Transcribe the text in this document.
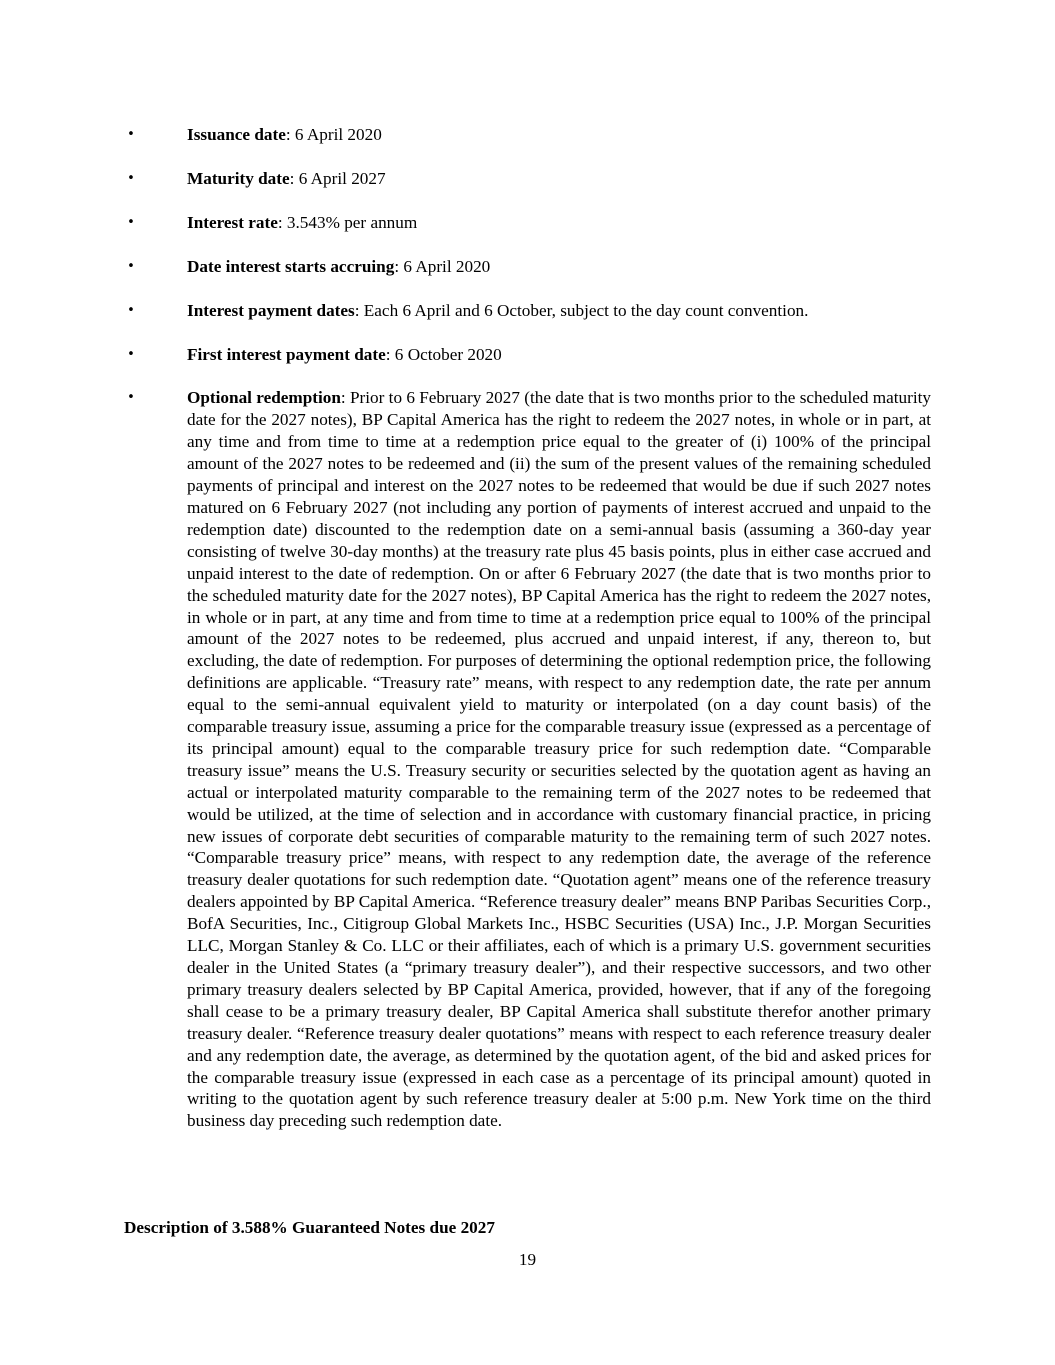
•	Issuance date: 6 April 2020
•	Maturity date: 6 April 2027
•	Interest rate: 3.543% per annum
•	Date interest starts accruing: 6 April 2020
•	Interest payment dates: Each 6 April and 6 October, subject to the day count convention.
•	First interest payment date: 6 October 2020
•	Optional redemption: Prior to 6 February 2027 (the date that is two months prior to the scheduled maturity date for the 2027 notes), BP Capital America has the right to redeem the 2027 notes, in whole or in part, at any time and from time to time at a redemption price equal to the greater of (i) 100% of the principal amount of the 2027 notes to be redeemed and (ii) the sum of the present values of the remaining scheduled payments of principal and interest on the 2027 notes to be redeemed that would be due if such 2027 notes matured on 6 February 2027 (not including any portion of payments of interest accrued and unpaid to the redemption date) discounted to the redemption date on a semi-annual basis (assuming a 360-day year consisting of twelve 30-day months) at the treasury rate plus 45 basis points, plus in either case accrued and unpaid interest to the date of redemption. On or after 6 February 2027 (the date that is two months prior to the scheduled maturity date for the 2027 notes), BP Capital America has the right to redeem the 2027 notes, in whole or in part, at any time and from time to time at a redemption price equal to 100% of the principal amount of the 2027 notes to be redeemed, plus accrued and unpaid interest, if any, thereon to, but excluding, the date of redemption. For purposes of determining the optional redemption price, the following definitions are applicable. “Treasury rate” means, with respect to any redemption date, the rate per annum equal to the semi-annual equivalent yield to maturity or interpolated (on a day count basis) of the comparable treasury issue, assuming a price for the comparable treasury issue (expressed as a percentage of its principal amount) equal to the comparable treasury price for such redemption date. “Comparable treasury issue” means the U.S. Treasury security or securities selected by the quotation agent as having an actual or interpolated maturity comparable to the remaining term of the 2027 notes to be redeemed that would be utilized, at the time of selection and in accordance with customary financial practice, in pricing new issues of corporate debt securities of comparable maturity to the remaining term of such 2027 notes. “Comparable treasury price” means, with respect to any redemption date, the average of the reference treasury dealer quotations for such redemption date. “Quotation agent” means one of the reference treasury dealers appointed by BP Capital America. “Reference treasury dealer” means BNP Paribas Securities Corp., BofA Securities, Inc., Citigroup Global Markets Inc., HSBC Securities (USA) Inc., J.P. Morgan Securities LLC, Morgan Stanley & Co. LLC or their affiliates, each of which is a primary U.S. government securities dealer in the United States (a “primary treasury dealer”), and their respective successors, and two other primary treasury dealers selected by BP Capital America, provided, however, that if any of the foregoing shall cease to be a primary treasury dealer, BP Capital America shall substitute therefor another primary treasury dealer. “Reference treasury dealer quotations” means with respect to each reference treasury dealer and any redemption date, the average, as determined by the quotation agent, of the bid and asked prices for the comparable treasury issue (expressed in each case as a percentage of its principal amount) quoted in writing to the quotation agent by such reference treasury dealer at 5:00 p.m. New York time on the third business day preceding such redemption date.
Description of 3.588% Guaranteed Notes due 2027
19
